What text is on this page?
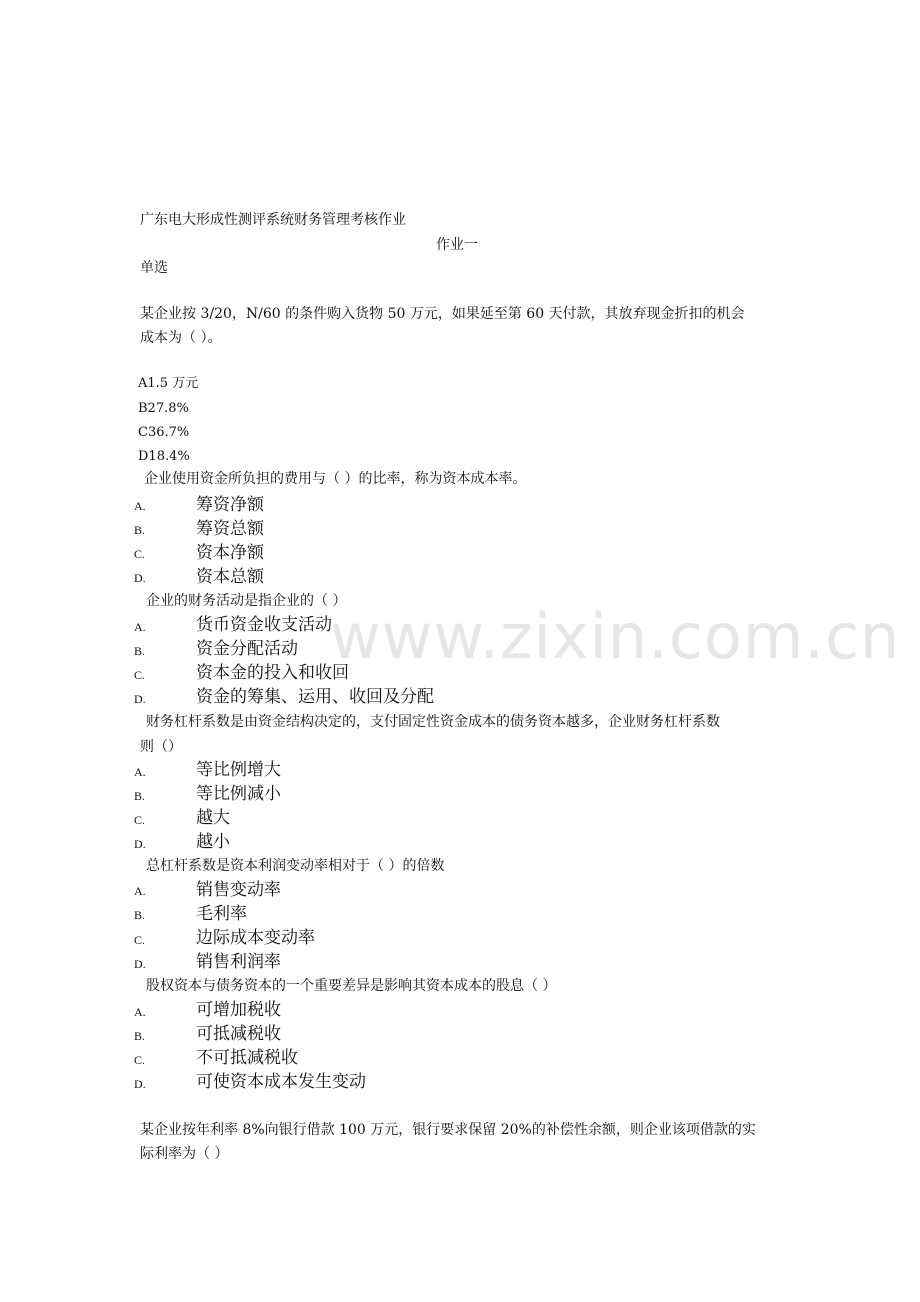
www.zixin.com.cn
广东电大形成性测评系统财务管理考核作业
作业一
单选
某企业按 3/20，N/60 的条件购入货物 50 万元，如果延至第 60 天付款，其放弃现金折扣的机会
成本为（ ）。
A1.5 万元
B27.8%
C36.7%
D18.4%
企业使用资金所负担的费用与（ ）的比率，称为资本成本率。
A.	筹资净额
B.	筹资总额
C.	资本净额
D.	资本总额
企业的财务活动是指企业的（ ）
A.	货币资金收支活动
B.	资金分配活动
C.	资本金的投入和收回
D.	资金的筹集、运用、收回及分配
财务杠杆系数是由资金结构决定的，支付固定性资金成本的债务资本越多，企业财务杠杆系数
则（）
A.	等比例增大
B.	等比例减小
C.	越大
D.	越小
总杠杆系数是资本利润变动率相对于（ ）的倍数
A.	销售变动率
B.	毛利率
C.	边际成本变动率
D.	销售利润率
股权资本与债务资本的一个重要差异是影响其资本成本的股息（ ）
A.	可增加税收
B.	可抵减税收
C.	不可抵减税收
D.	可使资本成本发生变动
某企业按年利率 8%向银行借款 100 万元，银行要求保留 20%的补偿性余额，则企业该项借款的实
际利率为（ ）
